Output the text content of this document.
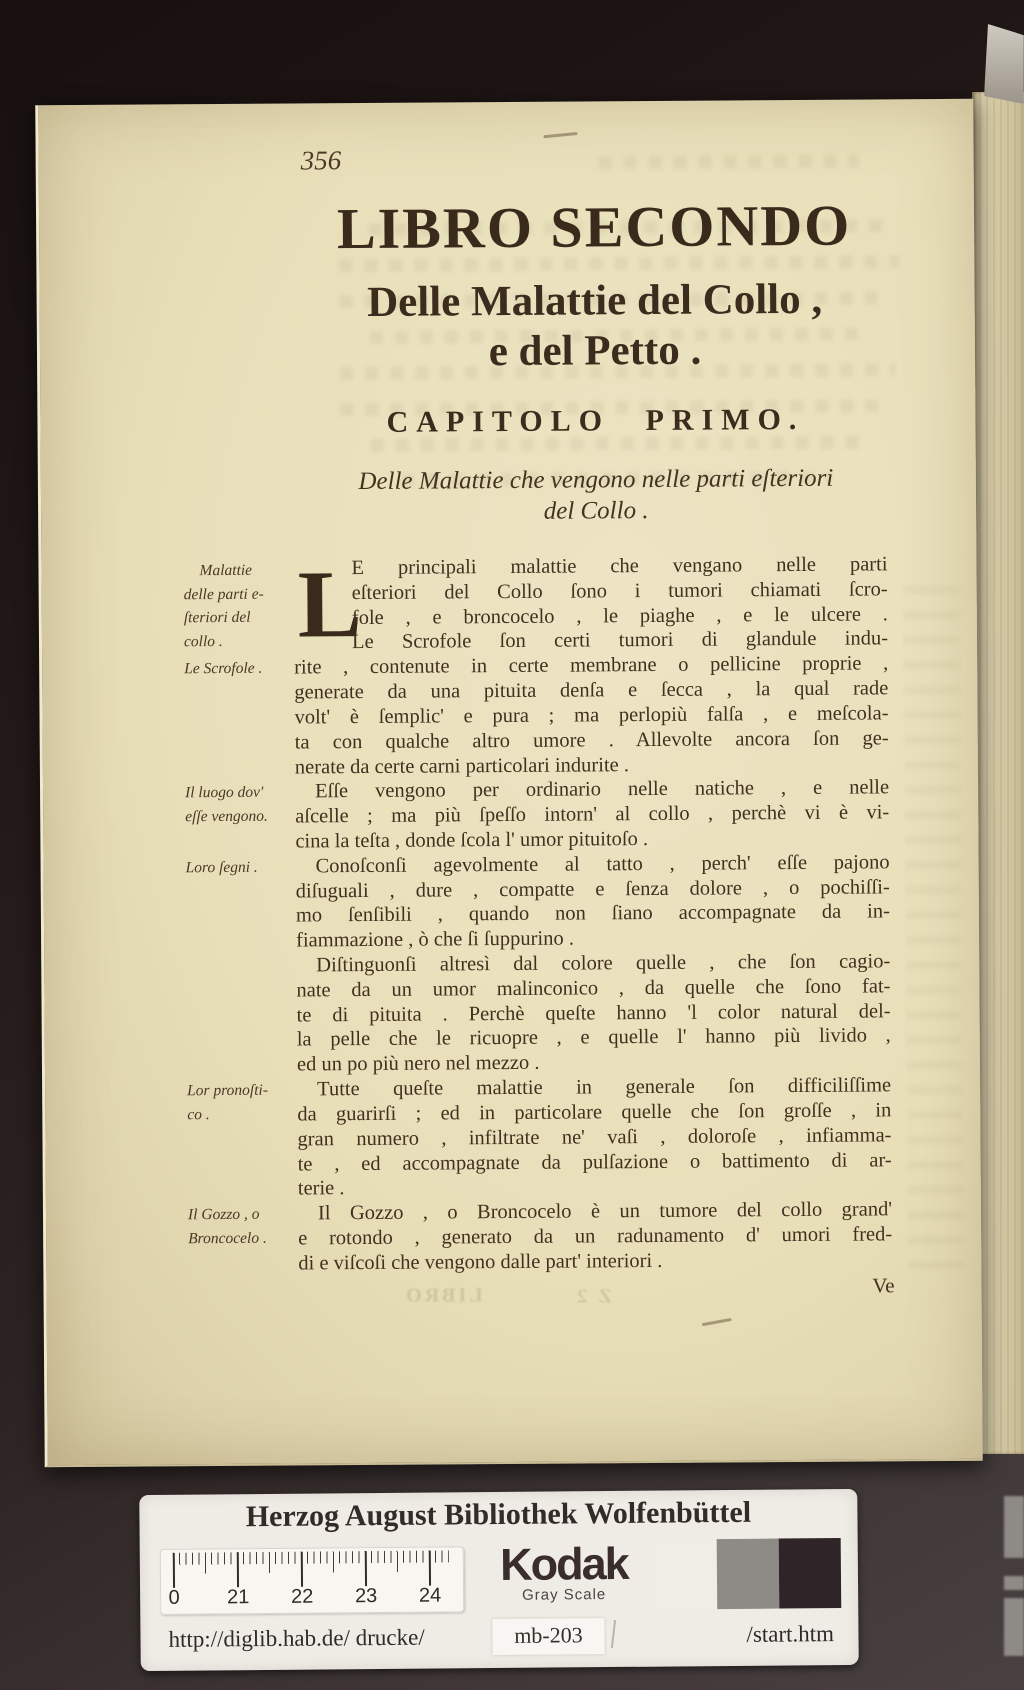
356
LIBRO SECONDO
Delle Malattie del Collo ,
e del Petto .
CAPITOLO PRIMO.
Delle Malattie che vengono nelle parti eſteriori
del Collo .
Malattie
delle parti e-
ſteriori del
collo .
Le Scrofole .
Il luogo dov'
eſſe vengono.
Loro ſegni .
Lor pronoſti-
co .
Il Gozzo , o
Broncocelo .
L
E principali malattie che vengano nelle parti
eſteriori del Collo ſono i tumori chiamati ſcro-
fole , e broncocelo , le piaghe , e le ulcere .
Le Scrofole ſon certi tumori di glandule indu-
rite , contenute in certe membrane o pellicine proprie ,
generate da una pituita denſa e ſecca , la qual rade
volt' è ſemplic' e pura ; ma perlopiù falſa , e meſcola-
ta con qualche altro umore . Allevolte ancora ſon ge-
nerate da certe carni particolari indurite .
Eſſe vengono per ordinario nelle natiche , e nelle
aſcelle ; ma più ſpeſſo intorn' al collo , perchè vi è vi-
cina la teſta , donde ſcola l' umor pituitoſo .
Conoſconſi agevolmente al tatto , perch' eſſe pajono
diſuguali , dure , compatte e ſenza dolore , o pochiſſi-
mo ſenſibili , quando non ſiano accompagnate da in-
fiammazione , ò che ſi ſuppurino .
Diſtinguonſi altresì dal colore quelle , che ſon cagio-
nate da un umor malinconico , da quelle che ſono fat-
te di pituita . Perchè queſte hanno 'l color natural del-
la pelle che le ricuopre , e quelle l' hanno più livido ,
ed un po più nero nel mezzo .
Tutte queſte malattie in generale ſon difficiliſſime
da guarirſi ; ed in particolare quelle che ſon groſſe , in
gran numero , infiltrate ne' vaſi , doloroſe , infiamma-
te , ed accompagnate da pulſazione o battimento di ar-
terie .
Il Gozzo , o Broncocelo è un tumore del collo grand'
e rotondo , generato da un radunamento d' umori fred-
di e viſcoſi che vengono dalle part' interiori .
Ve
LIBRO	Z 2
Herzog August Bibliothek Wolfenbüttel
0	21 22 23 24
Kodak
Gray Scale
mb-203
http://diglib.hab.de/ drucke/	/start.htm
